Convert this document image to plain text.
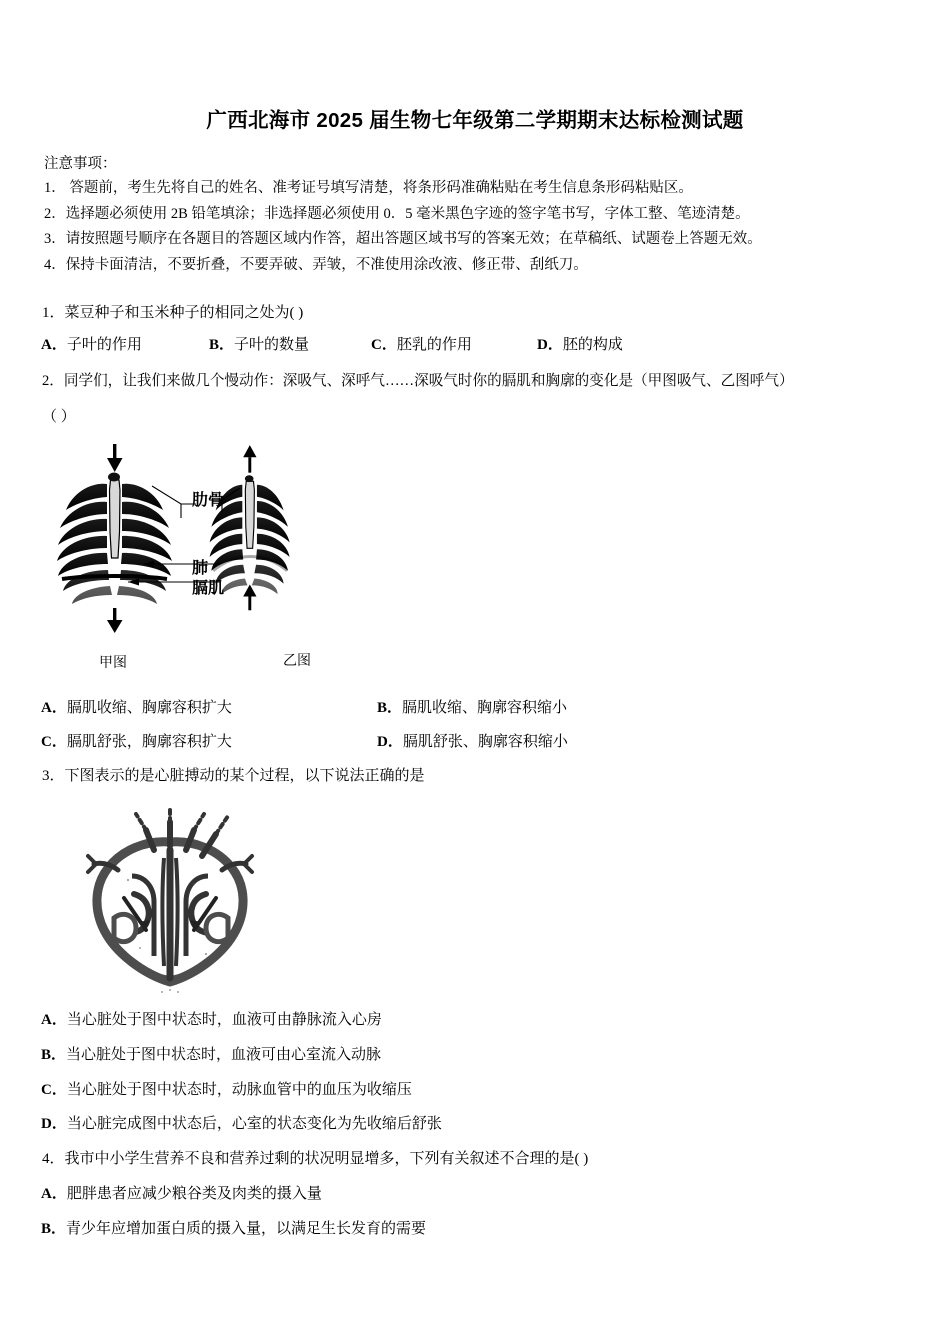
广西北海市 2025 届生物七年级第二学期期末达标检测试题
注意事项：
1． 答题前，考生先将自己的姓名、准考证号填写清楚，将条形码准确粘贴在考生信息条形码粘贴区。
2．选择题必须使用 2B 铅笔填涂；非选择题必须使用 0．5 毫米黑色字迹的签字笔书写，字体工整、笔迹清楚。
3．请按照题号顺序在各题目的答题区域内作答，超出答题区域书写的答案无效；在草稿纸、试题卷上答题无效。
4．保持卡面清洁，不要折叠，不要弄破、弄皱，不准使用涂改液、修正带、刮纸刀。
1．菜豆种子和玉米种子的相同之处为( )
A．子叶的作用	B．子叶的数量	C．胚乳的作用	D．胚的构成
2．同学们，让我们来做几个慢动作：深吸气、深呼气……深吸气时你的膈肌和胸廓的变化是（甲图吸气、乙图呼气）
（ ）
肋骨
肺
膈肌
甲图	乙图
A．膈肌收缩、胸廓容积扩大	B．膈肌收缩、胸廓容积缩小
C．膈肌舒张，胸廓容积扩大	D．膈肌舒张、胸廓容积缩小
3．下图表示的是心脏搏动的某个过程，以下说法正确的是
A．当心脏处于图中状态时，血液可由静脉流入心房
B．当心脏处于图中状态时，血液可由心室流入动脉
C．当心脏处于图中状态时，动脉血管中的血压为收缩压
D．当心脏完成图中状态后，心室的状态变化为先收缩后舒张
4．我市中小学生营养不良和营养过剩的状况明显增多，下列有关叙述不合理的是( )
A．肥胖患者应减少粮谷类及肉类的摄入量
B．青少年应增加蛋白质的摄入量，以满足生长发育的需要
